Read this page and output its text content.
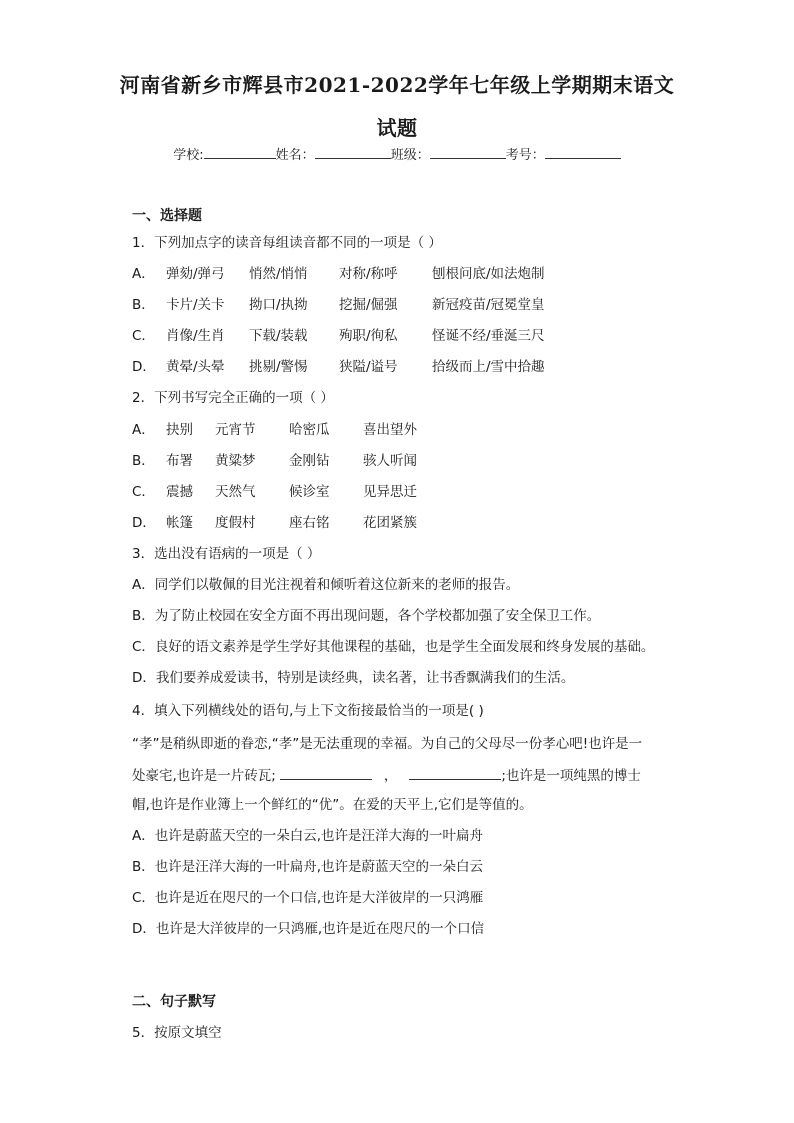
河南省新乡市辉县市2021-2022学年七年级上学期期末语文
试题
学校:	姓名：	班级：	考号：
一、选择题
1．下列加点字的读音每组读音都不同的一项是（ ）
A． 弹劾/弹弓 悄然/悄悄 对称/称呼	刨根问底/如法炮制
B． 卡片/关卡 拗口/执拗 挖掘/倔强	新冠疫苗/冠冕堂皇
C． 肖像/生肖 下载/装载 殉职/徇私	怪诞不经/垂涎三尺
D． 黄晕/头晕 挑剔/警惕 狭隘/谥号	拾级而上/雪中拾趣
2．下列书写完全正确的一项（ ）
A． 抉别 元宵节 哈密瓜 喜出望外
B． 布署 黄粱梦 金刚钻 骇人听闻
C． 震撼 天然气 候诊室 见异思迁
D． 帐篷 度假村 座右铭 花团紧簇
3．选出没有语病的一项是（ ）
A．同学们以敬佩的目光注视着和倾听着这位新来的老师的报告。
B．为了防止校园在安全方面不再出现问题，各个学校都加强了安全保卫工作。
C．良好的语文素养是学生学好其他课程的基础，也是学生全面发展和终身发展的基础。
D．我们要养成爱读书，特别是读经典，读名著，让书香飘满我们的生活。
4．填入下列横线处的语句,与上下文衔接最恰当的一项是( )
“孝”是稍纵即逝的眷恋,“孝”是无法重现的幸福。为自己的父母尽一份孝心吧!也许是一
处豪宅,也许是一片砖瓦;	，	;也许是一项纯黑的博士
帽,也许是作业簿上一个鲜红的“优”。在爱的天平上,它们是等值的。
A．也许是蔚蓝天空的一朵白云,也许是汪洋大海的一叶扁舟
B．也许是汪洋大海的一叶扁舟,也许是蔚蓝天空的一朵白云
C．也许是近在咫尺的一个口信,也许是大洋彼岸的一只鸿雁
D．也许是大洋彼岸的一只鸿雁,也许是近在咫尺的一个口信
二、句子默写
5．按原文填空
